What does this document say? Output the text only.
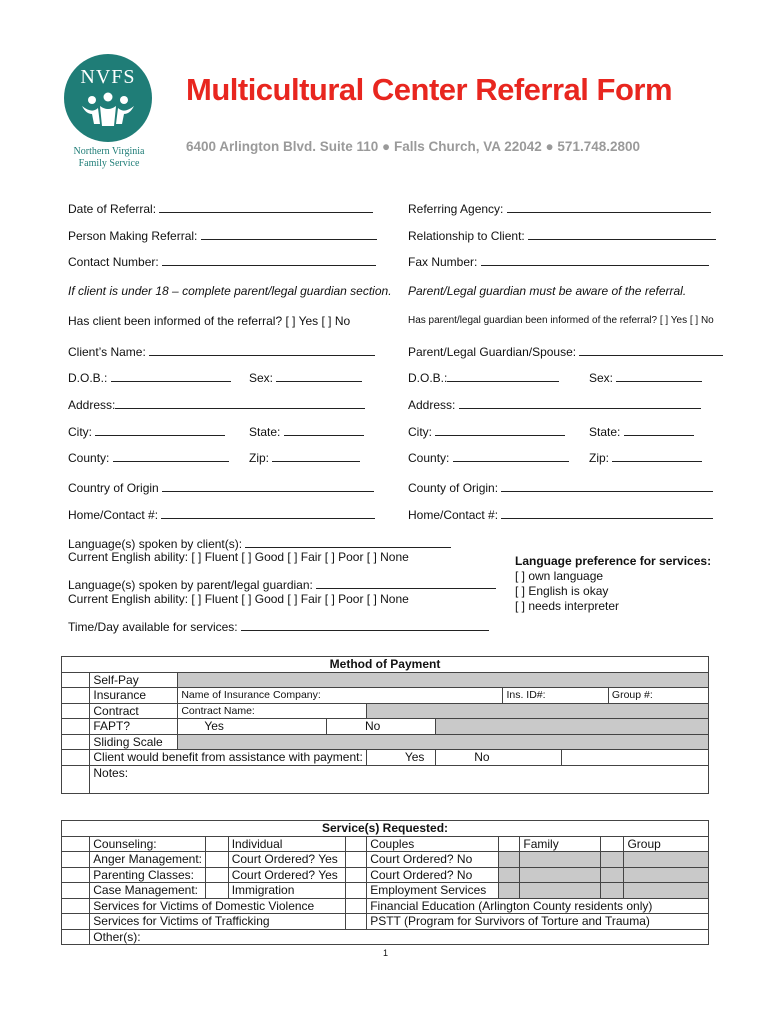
NVFS
Northern Virginia
Family Service
Multicultural Center Referral Form
6400 Arlington Blvd. Suite 110 ● Falls Church, VA 22042 ● 571.748.2800
Date of Referral:	Referring Agency:
Person Making Referral:	Relationship to Client:
Contact Number:	Fax Number:
If client is under 18 – complete parent/legal guardian section. Parent/Legal guardian must be aware of the referral.
Has client been informed of the referral? [ ] Yes [ ] No	Has parent/legal guardian been informed of the referral? [ ] Yes [ ] No
Client’s Name:	Parent/Legal Guardian/Spouse:
D.O.B.:	Sex:	D.O.B.:	Sex:
Address:	Address:
City:	State:	City:	State:
County:	Zip:	County:	Zip:
Country of Origin	County of Origin:
Home/Contact #:	Home/Contact #:
Language(s) spoken by client(s):
Current English ability: [ ] Fluent [ ] Good [ ] Fair [ ] Poor [ ] None
Language(s) spoken by parent/legal guardian:
Current English ability: [ ] Fluent [ ] Good [ ] Fair [ ] Poor [ ] None
Language preference for services:
[ ] own language
[ ] English is okay
[ ] needs interpreter
Time/Day available for services:
Method of Payment								
	Self-Pay							
	Insurance	Name of Insurance Company:				Ins. ID#:		Group #:
	Contract	Contract Name:						
	FAPT?	Yes	No					
	Sliding Scale							
	Client would benefit from assistance with payment:			Yes	No			
	Notes:							
Service(s) Requested:									
	Counseling:		Individual		Couples		Family		Group
	Anger Management:		Court Ordered? Yes		Court Ordered? No				
	Parenting Classes:		Court Ordered? Yes		Court Ordered? No				
	Case Management:		Immigration		Employment Services				
	Services for Victims of Domestic Violence				Financial Education (Arlington County residents only)				
	Services for Victims of Trafficking				PSTT (Program for Survivors of Torture and Trauma)				
	Other(s):								
1
